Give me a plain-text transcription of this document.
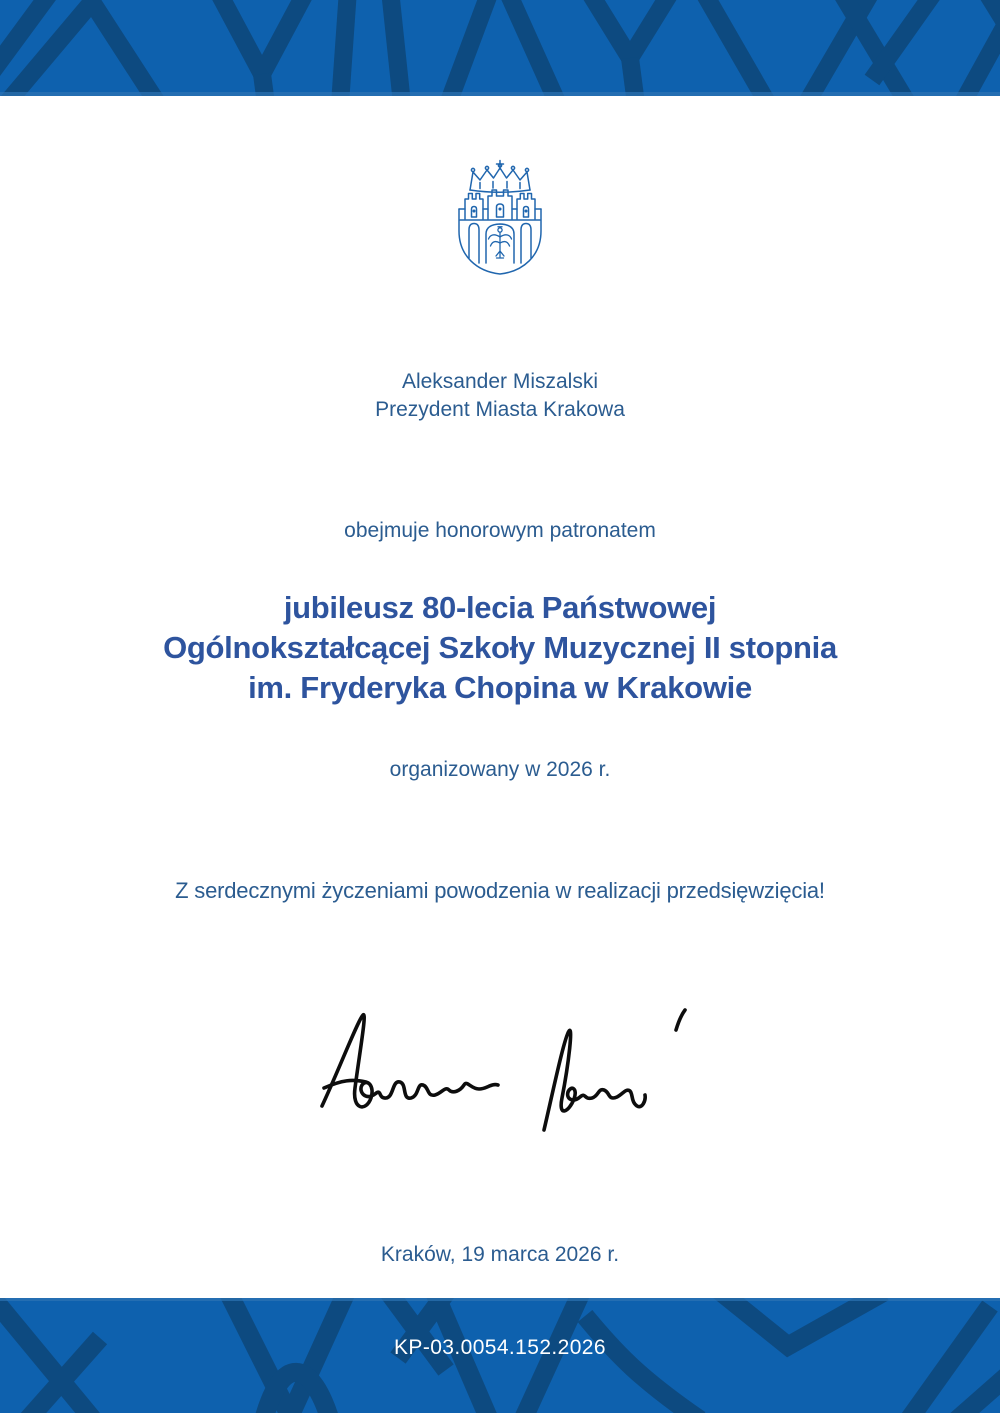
Aleksander Miszalski
Prezydent Miasta Krakowa
obejmuje honorowym patronatem
jubileusz 80-lecia Państwowej
Ogólnokształcącej Szkoły Muzycznej II stopnia
im. Fryderyka Chopina w Krakowie
organizowany w 2026 r.
Z serdecznymi życzeniami powodzenia w realizacji przedsięwzięcia!
Kraków, 19 marca 2026 r.
KP-03.0054.152.2026
